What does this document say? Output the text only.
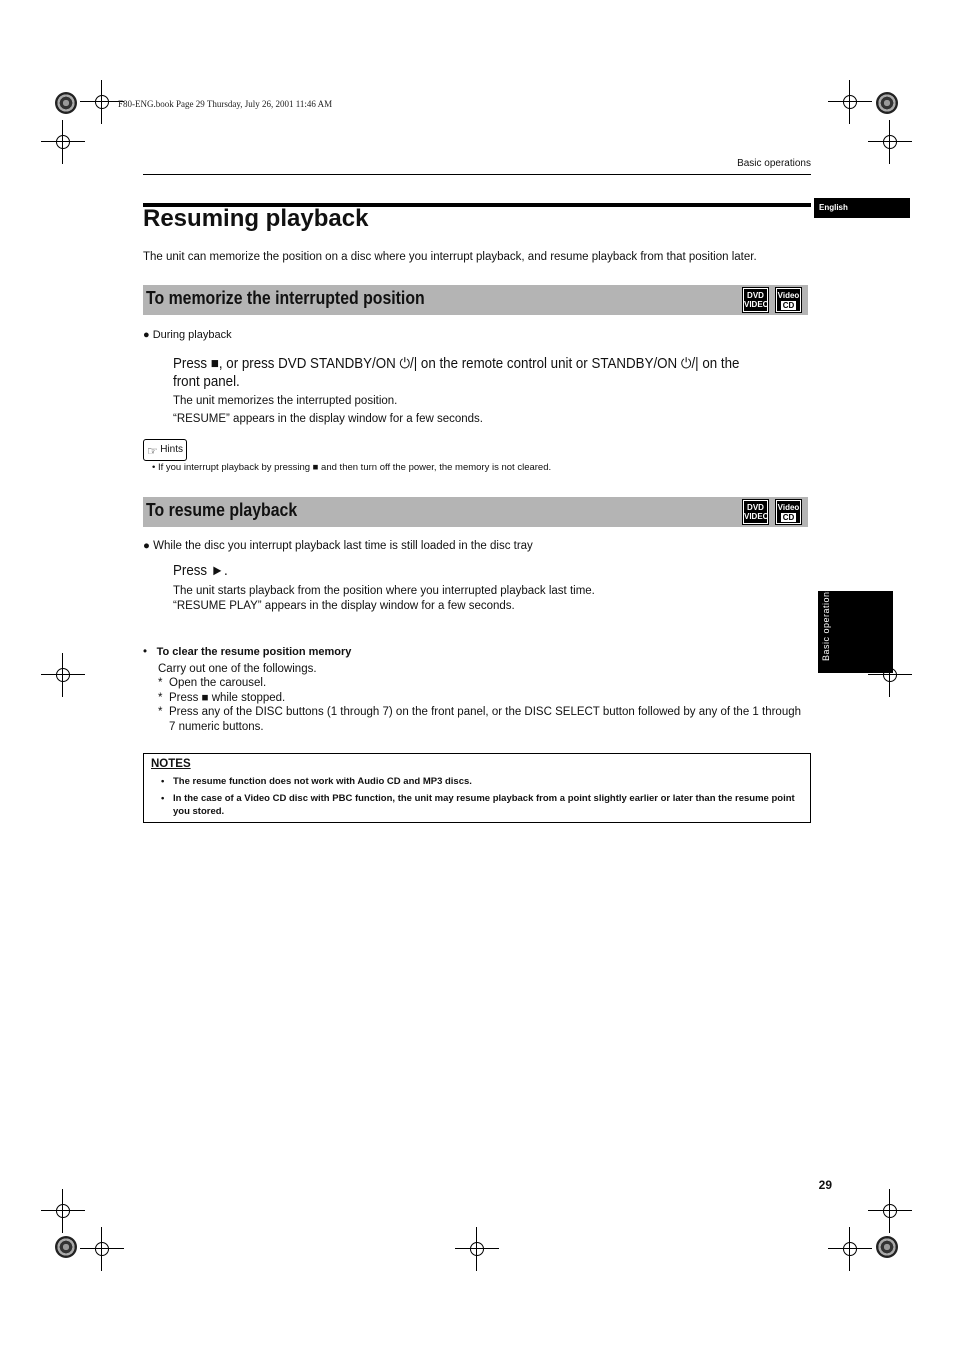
F80-ENG.book Page 29 Thursday, July 26, 2001 11:46 AM
Basic operations
English
Basic operations
Resuming playback
The unit can memorize the position on a disc where you interrupt playback, and resume playback from that position later.
To memorize the interrupted position	DVD
VIDEO
Video
CD
● During playback
Press ■, or press DVD STANDBY/ON ⏻/| on the remote control unit or STANDBY/ON ⏻/| on the front panel.
The unit memorizes the interrupted position.
“RESUME” appears in the display window for a few seconds.
☞ Hints
• If you interrupt playback by pressing ■ and then turn off the power, the memory is not cleared.
To resume playback	DVD
VIDEO
Video
CD
● While the disc you interrupt playback last time is still loaded in the disc tray
Press ►.
The unit starts playback from the position where you interrupted playback last time.
“RESUME PLAY” appears in the display window for a few seconds.
•   To clear the resume position memory
Carry out one of the followings.
* Open the carousel.
* Press ■ while stopped.
* Press any of the DISC buttons (1 through 7) on the front panel, or the DISC SELECT button followed by any of the 1 through 7 numeric buttons.
NOTES
• The resume function does not work with Audio CD and MP3 discs.
• In the case of a Video CD disc with PBC function, the unit may resume playback from a point slightly earlier or later than the resume point you stored.
29
